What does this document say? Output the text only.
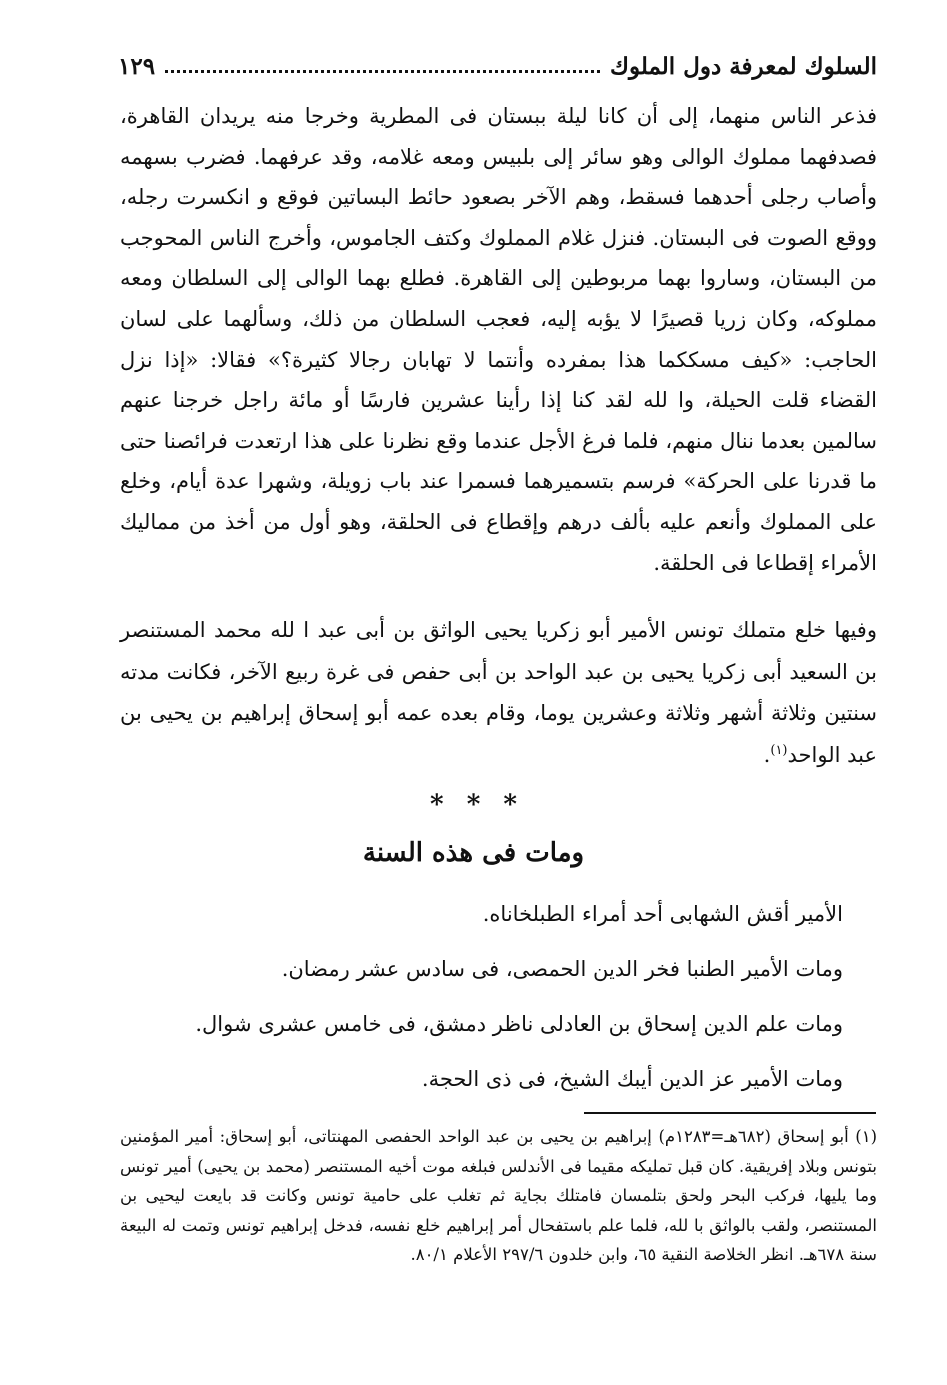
السلوك لمعرفة دول الملوك
١٢٩

فذعر الناس منهما، إلى أن كانا ليلة ببستان فى المطرية وخرجا منه يريدان القاهرة، فصدفهما مملوك الوالى وهو سائر إلى بلبيس ومعه غلامه، وقد عرفهما. فضرب بسهمه وأصاب رجلى أحدهما فسقط، وهم الآخر بصعود حائط البساتين فوقع و انكسرت رجله، ووقع الصوت فى البستان. فنزل غلام المملوك وكتف الجاموس، وأخرج الناس المحوجب من البستان، وساروا بهما مربوطين إلى القاهرة. فطلع بهما الوالى إلى السلطان ومعه مملوكه، وكان زريا قصيرًا لا يؤبه إليه، فعجب السلطان من ذلك، وسألهما على لسان الحاجب: «كيف مسككما هذا بمفرده وأنتما لا تهابان رجالا كثيرة؟» فقالا: «إذا نزل القضاء قلت الحيلة، وا لله لقد كنا إذا رأينا عشرين فارسًا أو مائة راجل خرجنا عنهم سالمين بعدما ننال منهم، فلما فرغ الأجل عندما وقع نظرنا على هذا ارتعدت فرائصنا حتى ما قدرنا على الحركة» فرسم بتسميرهما فسمرا عند باب زويلة، وشهرا عدة أيام، وخلع على المملوك وأنعم عليه بألف درهم وإقطاع فى الحلقة، وهو أول من أخذ من مماليك الأمراء إقطاعا فى الحلقة.

وفيها خلع متملك تونس الأمير أبو زكريا يحيى الواثق بن أبى عبد ا لله محمد المستنصر بن السعيد أبى زكريا يحيى بن عبد الواحد بن أبى حفص فى غرة ربيع الآخر، فكانت مدته سنتين وثلاثة أشهر وثلاثة وعشرين يوما، وقام بعده عمه أبو إسحاق إبراهيم بن يحيى بن عبد الواحد$^{(١)}$.

* * *
ومات فى هذه السنة
الأمير أقش الشهابى أحد أمراء الطبلخاناه.
ومات الأمير الطنبا فخر الدين الحمصى، فى سادس عشر رمضان.
ومات علم الدين إسحاق بن العادلى ناظر دمشق، فى خامس عشرى شوال.
ومات الأمير عز الدين أيبك الشيخ، فى ذى الحجة.

(١) أبو إسحاق (٦٨٢هـ=١٢٨٣م) إبراهيم بن يحيى بن عبد الواحد الحفصى المهنتاتى، أبو إسحاق: أمير المؤمنين بتونس وبلاد إفريقية. كان قبل تمليكه مقيما فى الأندلس فبلغه موت أخيه المستنصر (محمد بن يحيى) أمير تونس وما يليها، فركب البحر ولحق بتلمسان فامتلك بجاية ثم تغلب على حامية تونس وكانت قد بايعت ليحيى بن المستنصر، ولقب بالواثق با لله، فلما علم باستفحال أمر إبراهيم خلع نفسه، فدخل إبراهيم تونس وتمت له البيعة سنة ٦٧٨هـ. انظر الخلاصة النقية ٦٥، وابن خلدون ٢٩٧/٦ الأعلام ٨٠/١.
